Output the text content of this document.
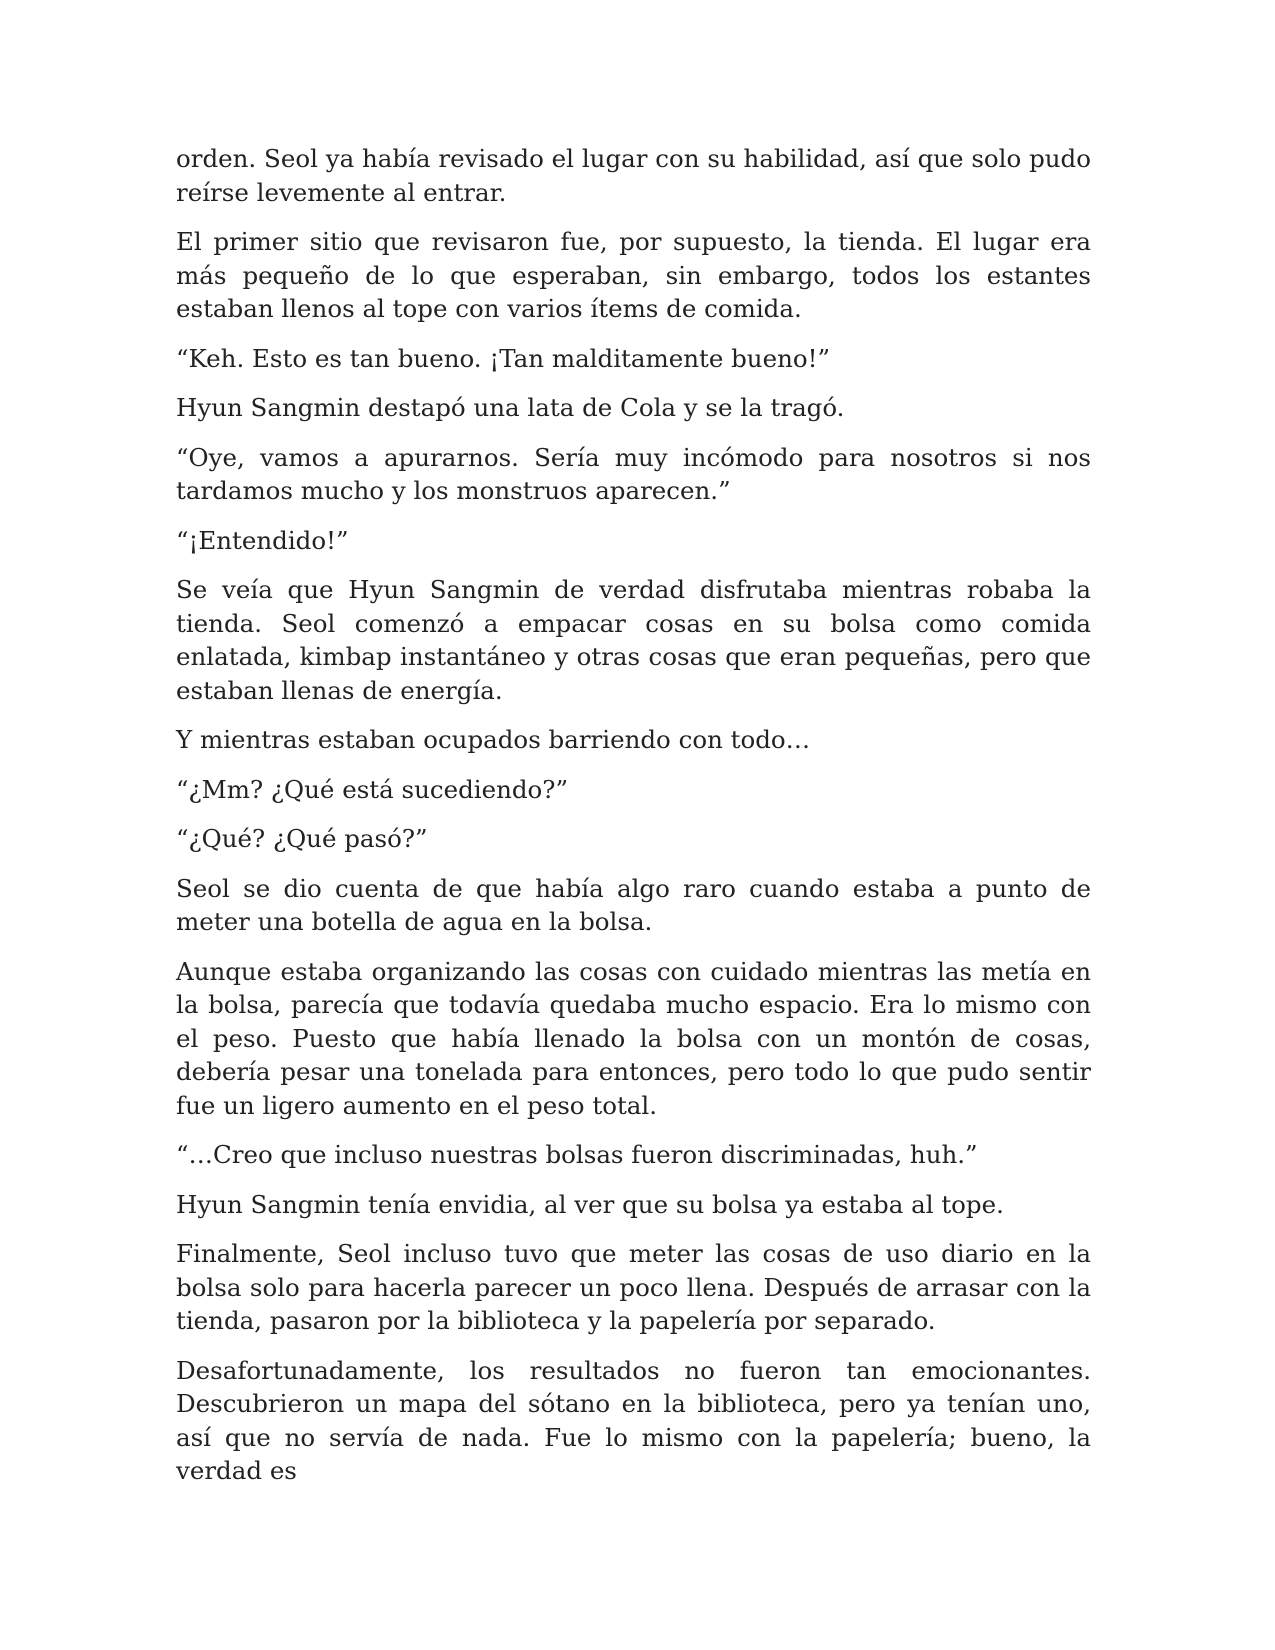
orden. Seol ya había revisado el lugar con su habilidad, así que solo pudo reírse levemente al entrar.

El primer sitio que revisaron fue, por supuesto, la tienda. El lugar era más pequeño de lo que esperaban, sin embargo, todos los estantes estaban llenos al tope con varios ítems de comida.

“Keh. Esto es tan bueno. ¡Tan malditamente bueno!”

Hyun Sangmin destapó una lata de Cola y se la tragó.

“Oye, vamos a apurarnos. Sería muy incómodo para nosotros si nos tardamos mucho y los monstruos aparecen.”

“¡Entendido!”

Se veía que Hyun Sangmin de verdad disfrutaba mientras robaba la tienda. Seol comenzó a empacar cosas en su bolsa como comida enlatada, kimbap instantáneo y otras cosas que eran pequeñas, pero que estaban llenas de energía.

Y mientras estaban ocupados barriendo con todo…

“¿Mm? ¿Qué está sucediendo?”

“¿Qué? ¿Qué pasó?”

Seol se dio cuenta de que había algo raro cuando estaba a punto de meter una botella de agua en la bolsa.

Aunque estaba organizando las cosas con cuidado mientras las metía en la bolsa, parecía que todavía quedaba mucho espacio. Era lo mismo con el peso. Puesto que había llenado la bolsa con un montón de cosas, debería pesar una tonelada para entonces, pero todo lo que pudo sentir fue un ligero aumento en el peso total.

“…Creo que incluso nuestras bolsas fueron discriminadas, huh.”

Hyun Sangmin tenía envidia, al ver que su bolsa ya estaba al tope.

Finalmente, Seol incluso tuvo que meter las cosas de uso diario en la bolsa solo para hacerla parecer un poco llena. Después de arrasar con la tienda, pasaron por la biblioteca y la papelería por separado.

Desafortunadamente, los resultados no fueron tan emocionantes. Descubrieron un mapa del sótano en la biblioteca, pero ya tenían uno, así que no servía de nada. Fue lo mismo con la papelería; bueno, la verdad es
